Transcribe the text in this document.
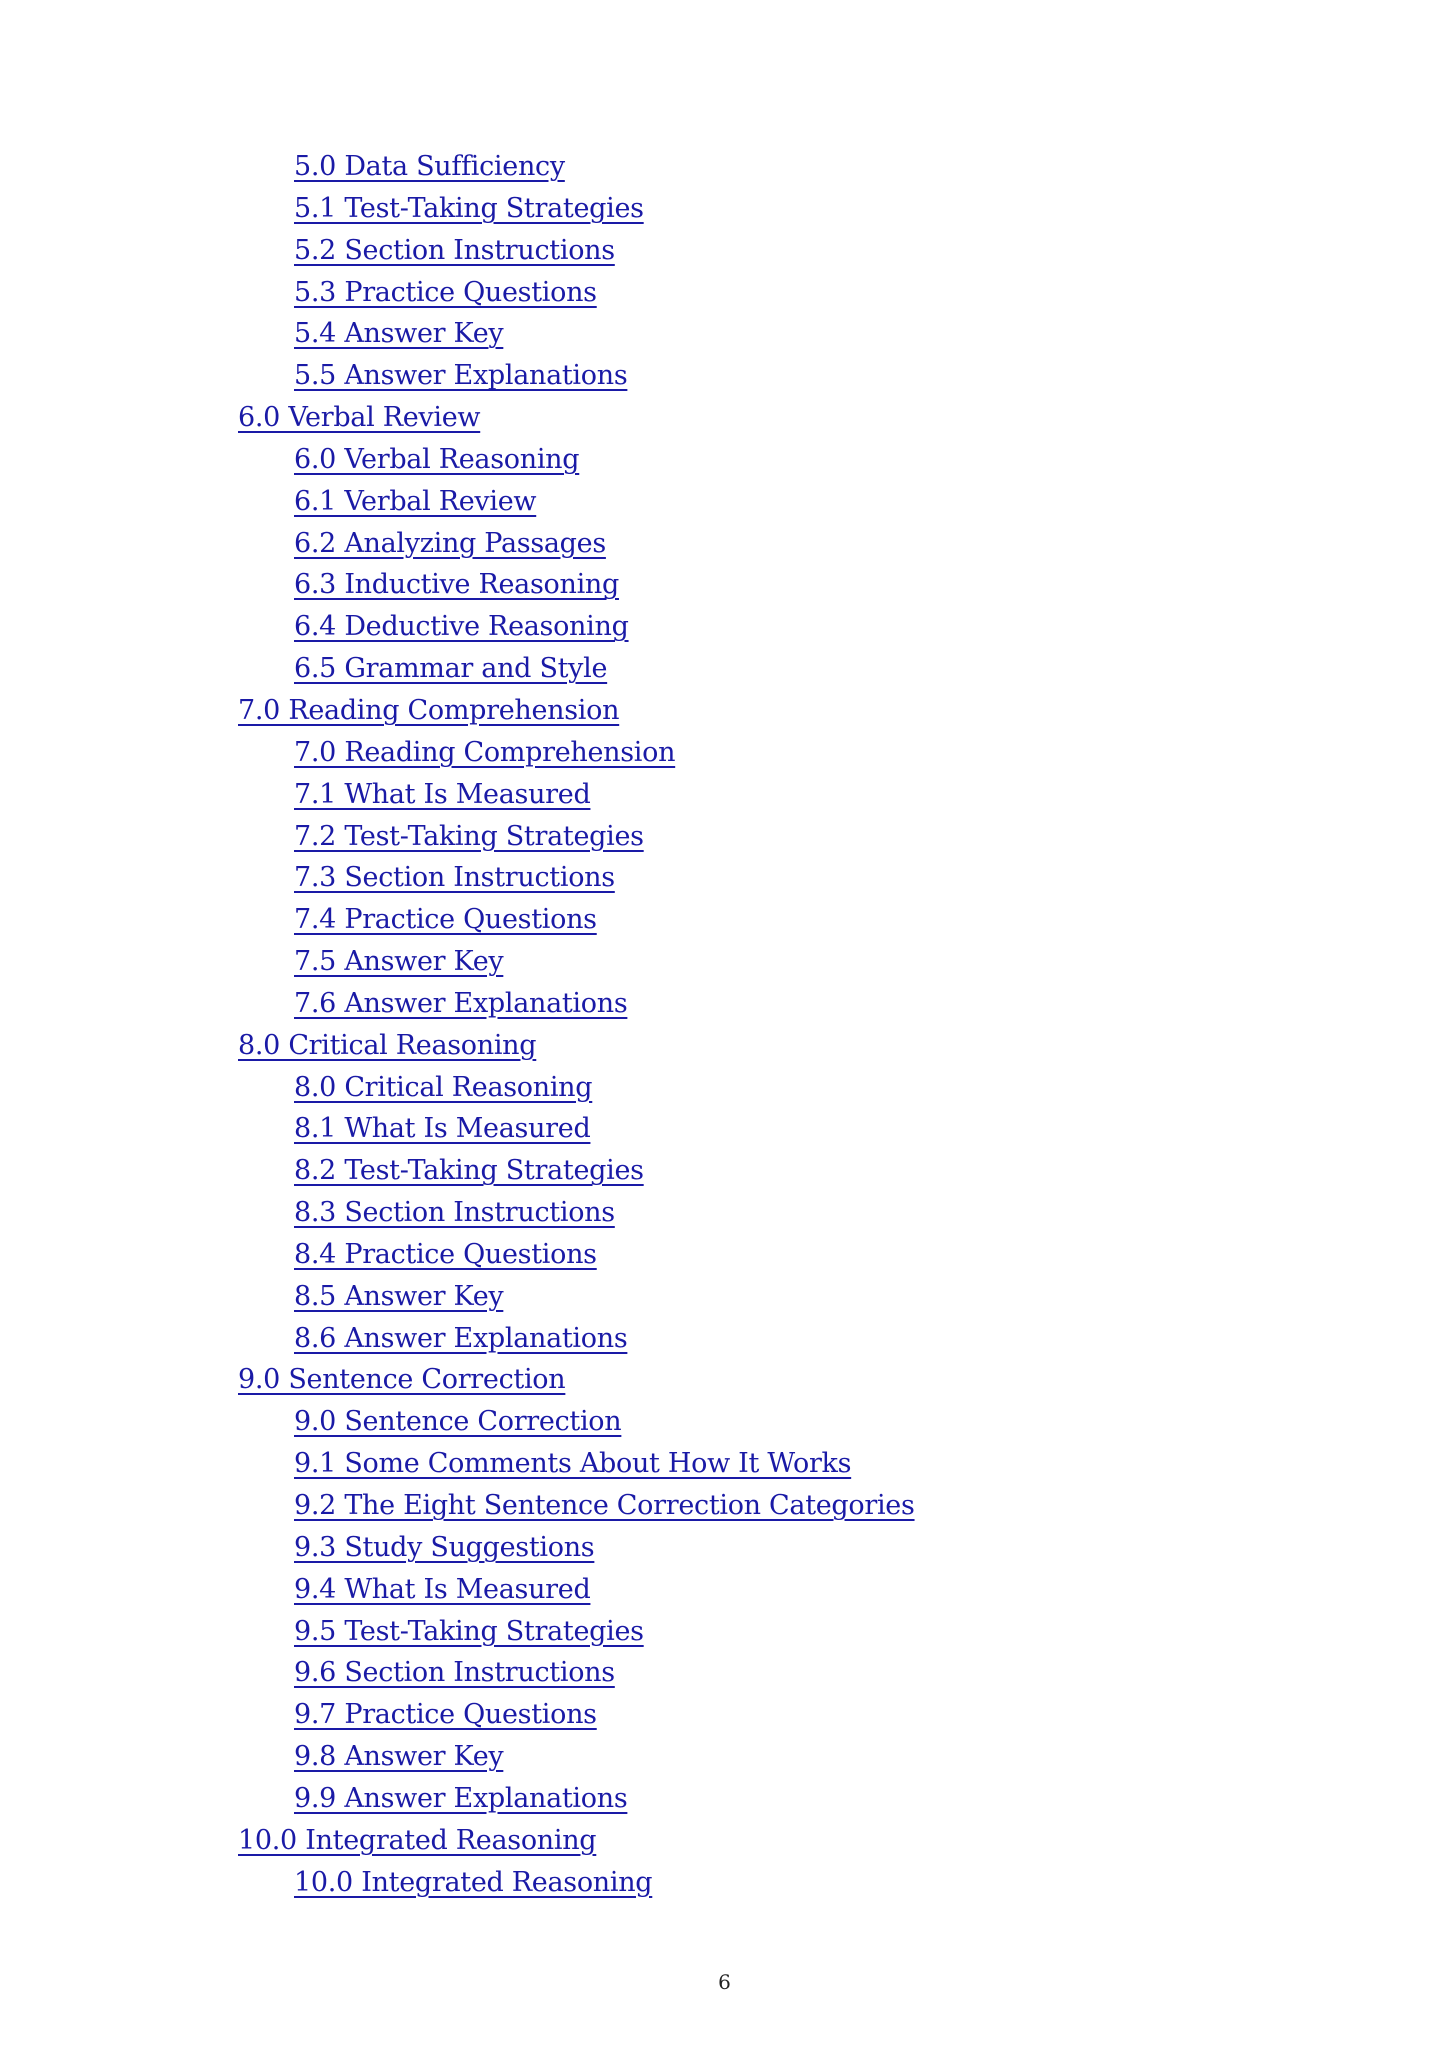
5.0 Data Sufficiency
5.1 Test-Taking Strategies
5.2 Section Instructions
5.3 Practice Questions
5.4 Answer Key
5.5 Answer Explanations
6.0 Verbal Review
6.0 Verbal Reasoning
6.1 Verbal Review
6.2 Analyzing Passages
6.3 Inductive Reasoning
6.4 Deductive Reasoning
6.5 Grammar and Style
7.0 Reading Comprehension
7.0 Reading Comprehension
7.1 What Is Measured
7.2 Test-Taking Strategies
7.3 Section Instructions
7.4 Practice Questions
7.5 Answer Key
7.6 Answer Explanations
8.0 Critical Reasoning
8.0 Critical Reasoning
8.1 What Is Measured
8.2 Test-Taking Strategies
8.3 Section Instructions
8.4 Practice Questions
8.5 Answer Key
8.6 Answer Explanations
9.0 Sentence Correction
9.0 Sentence Correction
9.1 Some Comments About How It Works
9.2 The Eight Sentence Correction Categories
9.3 Study Suggestions
9.4 What Is Measured
9.5 Test-Taking Strategies
9.6 Section Instructions
9.7 Practice Questions
9.8 Answer Key
9.9 Answer Explanations
10.0 Integrated Reasoning
10.0 Integrated Reasoning
6
